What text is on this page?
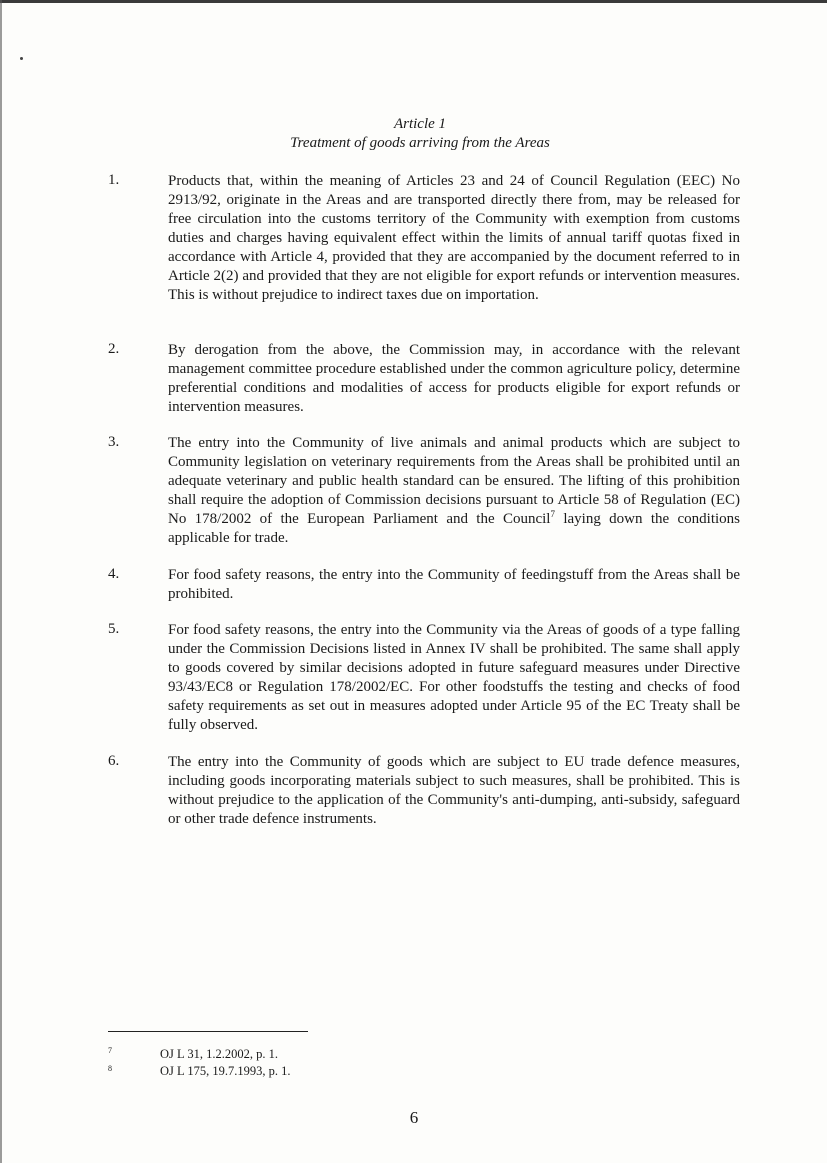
Article 1
Treatment of goods arriving from the Areas
1.	Products that, within the meaning of Articles 23 and 24 of Council Regulation (EEC) No 2913/92, originate in the Areas and are transported directly there from, may be released for free circulation into the customs territory of the Community with exemption from customs duties and charges having equivalent effect within the limits of annual tariff quotas fixed in accordance with Article 4, provided that they are accompanied by the document referred to in Article 2(2) and provided that they are not eligible for export refunds or intervention measures. This is without prejudice to indirect taxes due on importation.
2.	By derogation from the above, the Commission may, in accordance with the relevant management committee procedure established under the common agriculture policy, determine preferential conditions and modalities of access for products eligible for export refunds or intervention measures.
3.	The entry into the Community of live animals and animal products which are subject to Community legislation on veterinary requirements from the Areas shall be prohibited until an adequate veterinary and public health standard can be ensured. The lifting of this prohibition shall require the adoption of Commission decisions pursuant to Article 58 of Regulation (EC) No 178/2002 of the European Parliament and the Council$^7$ laying down the conditions applicable for trade.
4.	For food safety reasons, the entry into the Community of feedingstuff from the Areas shall be prohibited.
5.	For food safety reasons, the entry into the Community via the Areas of goods of a type falling under the Commission Decisions listed in Annex IV shall be prohibited. The same shall apply to goods covered by similar decisions adopted in future safeguard measures under Directive 93/43/EC8 or Regulation 178/2002/EC. For other foodstuffs the testing and checks of food safety requirements as set out in measures adopted under Article 95 of the EC Treaty shall be fully observed.
6.	The entry into the Community of goods which are subject to EU trade defence measures, including goods incorporating materials subject to such measures, shall be prohibited. This is without prejudice to the application of the Community's anti-dumping, anti-subsidy, safeguard or other trade defence instruments.
7	OJ L 31, 1.2.2002, p. 1.
8	OJ L 175, 19.7.1993, p. 1.
6
